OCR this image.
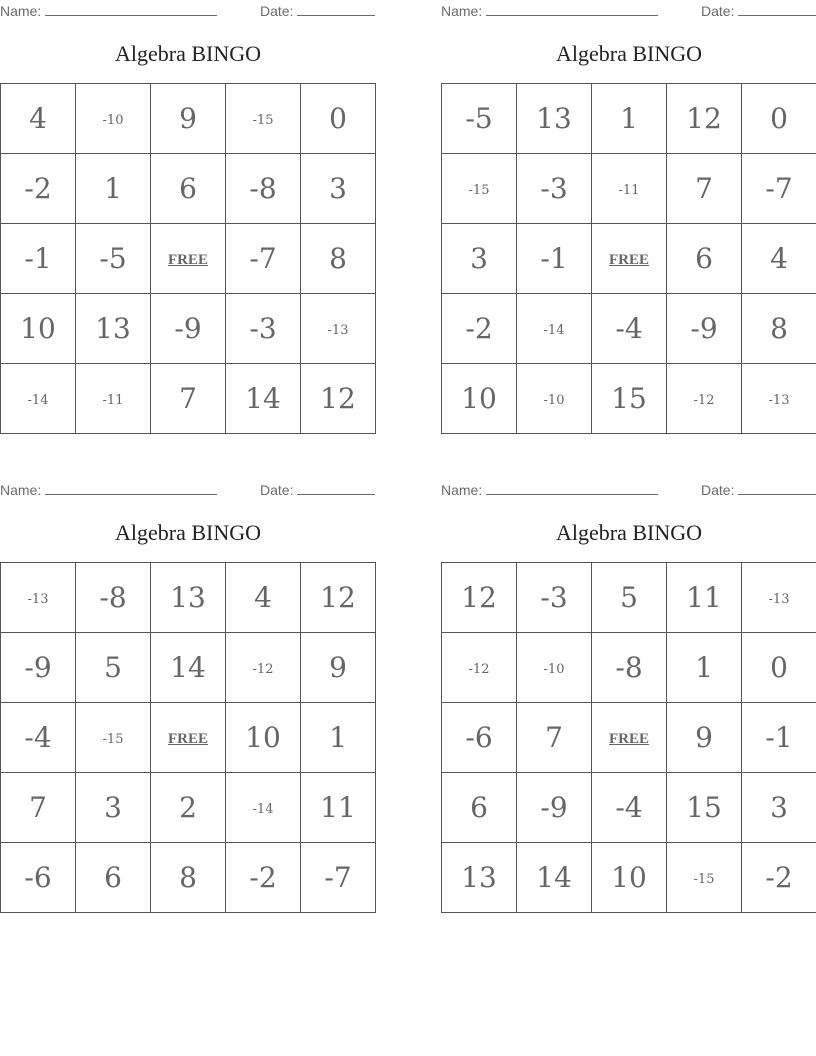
Name:	Date:
Algebra BINGO
4	-10	9	-15	0
-2	1	6	-8	3
-1	-5	FREE	-7	8
10	13	-9	-3	-13
-14	-11	7	14	12
Name:	Date:
Algebra BINGO
-5	13	1	12	0
-15	-3	-11	7	-7
3	-1	FREE	6	4
-2	-14	-4	-9	8
10	-10	15	-12	-13
Name:	Date:
Algebra BINGO
-13	-8	13	4	12
-9	5	14	-12	9
-4	-15	FREE	10	1
7	3	2	-14	11
-6	6	8	-2	-7
Name:	Date:
Algebra BINGO
12	-3	5	11	-13
-12	-10	-8	1	0
-6	7	FREE	9	-1
6	-9	-4	15	3
13	14	10	-15	-2
